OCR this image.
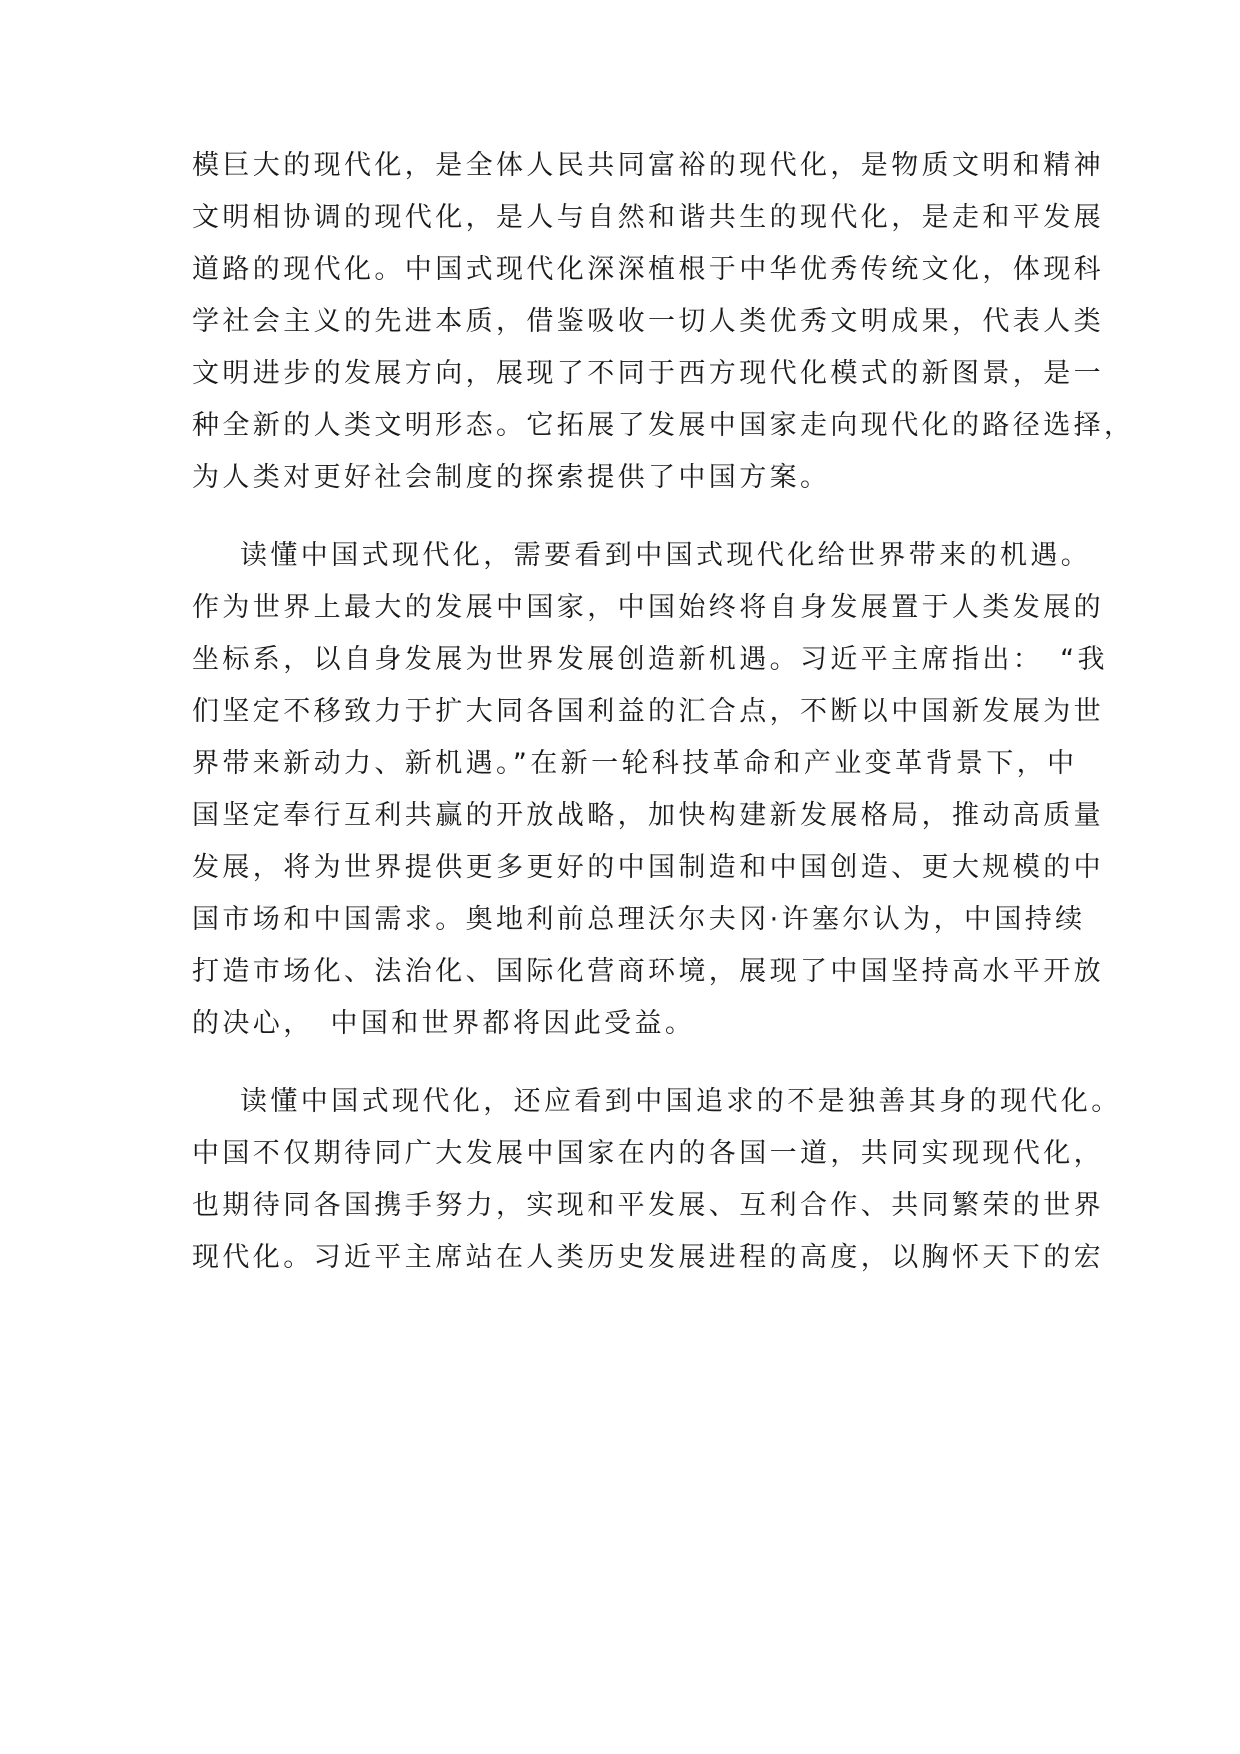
模巨大的现代化，是全体人民共同富裕的现代化，是物质文明和精神
文明相协调的现代化，是人与自然和谐共生的现代化，是走和平发展
道路的现代化。中国式现代化深深植根于中华优秀传统文化，体现科
学社会主义的先进本质，借鉴吸收一切人类优秀文明成果，代表人类
文明进步的发展方向，展现了不同于西方现代化模式的新图景，是一
种全新的人类文明形态。它拓展了发展中国家走向现代化的路径选择，
为人类对更好社会制度的探索提供了中国方案。
读懂中国式现代化，需要看到中国式现代化给世界带来的机遇。
作为世界上最大的发展中国家，中国始终将自身发展置于人类发展的
坐标系，以自身发展为世界发展创造新机遇。习近平主席指出：　“我
们坚定不移致力于扩大同各国利益的汇合点，不断以中国新发展为世
界带来新动力、新机遇。”在新一轮科技革命和产业变革背景下，中
国坚定奉行互利共赢的开放战略，加快构建新发展格局，推动高质量
发展，将为世界提供更多更好的中国制造和中国创造、更大规模的中
国市场和中国需求。奥地利前总理沃尔夫冈·许塞尔认为，中国持续
打造市场化、法治化、国际化营商环境，展现了中国坚持高水平开放
的决心，　中国和世界都将因此受益。
读懂中国式现代化，还应看到中国追求的不是独善其身的现代化。
中国不仅期待同广大发展中国家在内的各国一道，共同实现现代化，
也期待同各国携手努力，实现和平发展、互利合作、共同繁荣的世界
现代化。习近平主席站在人类历史发展进程的高度，以胸怀天下的宏
